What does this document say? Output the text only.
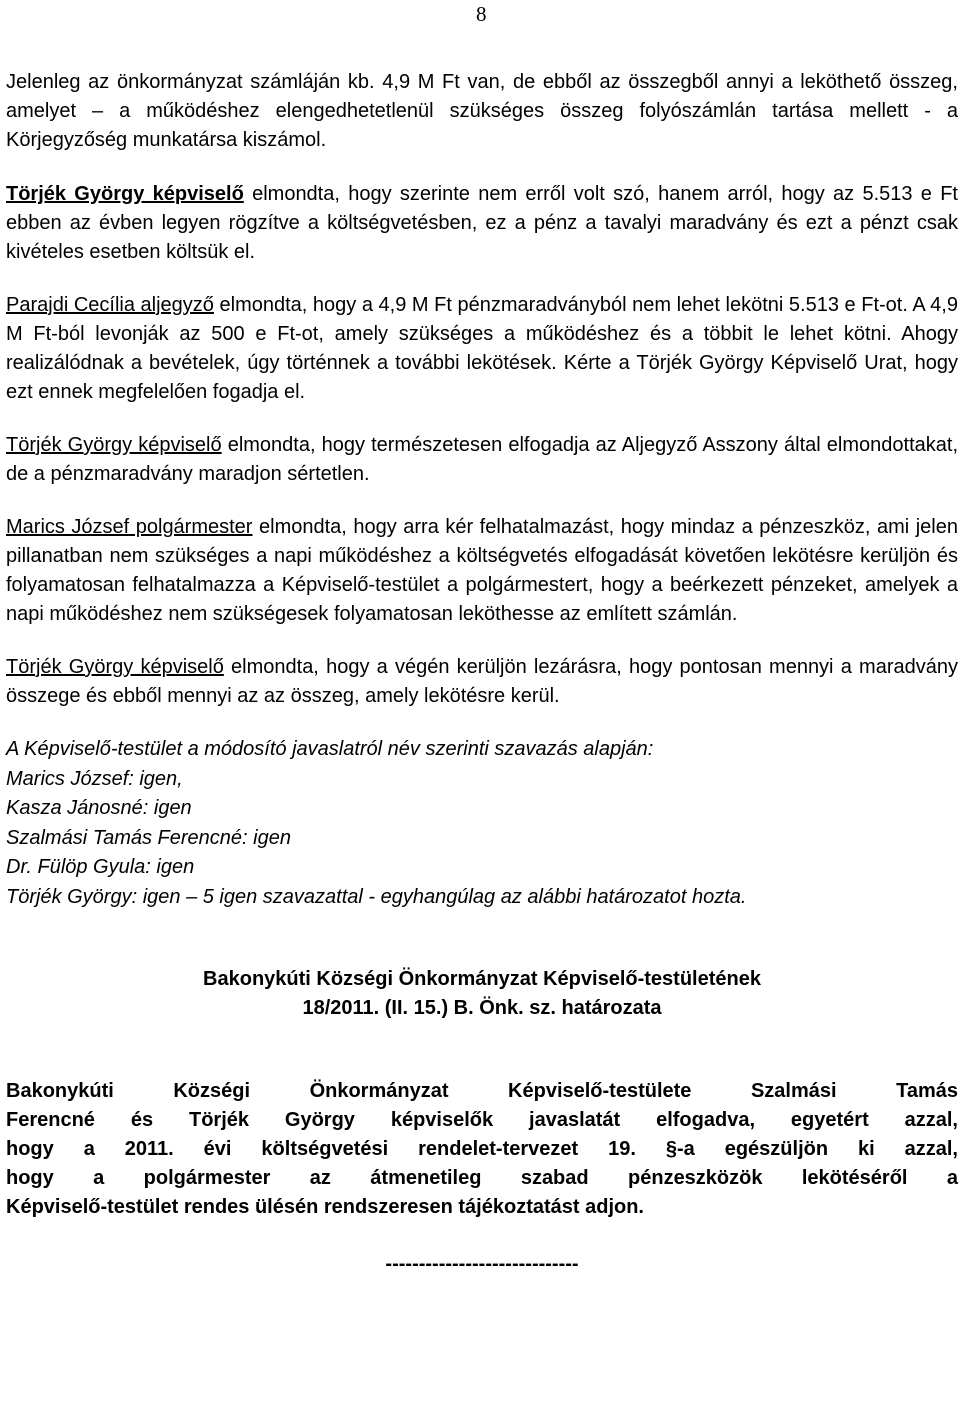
8

Jelenleg az önkormányzat számláján kb. 4,9 M Ft van, de ebből az összegből annyi a leköthető összeg, amelyet – a működéshez elengedhetetlenül szükséges összeg folyószámlán tartása mellett - a Körjegyzőség munkatársa kiszámol.

Törjék György képviselő elmondta, hogy szerinte nem erről volt szó, hanem arról, hogy az 5.513 e Ft ebben az évben legyen rögzítve a költségvetésben, ez a pénz a tavalyi maradvány és ezt a pénzt csak kivételes esetben költsük el.

Parajdi Cecília aljegyző elmondta, hogy a 4,9 M Ft pénzmaradványból nem lehet lekötni 5.513 e Ft-ot. A 4,9 M Ft-ból levonják az 500 e Ft-ot, amely szükséges a működéshez és a többit le lehet kötni. Ahogy realizálódnak a bevételek, úgy történnek a további lekötések. Kérte a Törjék György Képviselő Urat, hogy ezt ennek megfelelően fogadja el.

Törjék György képviselő elmondta, hogy természetesen elfogadja az Aljegyző Asszony által elmondottakat, de a pénzmaradvány maradjon sértetlen.

Marics József polgármester elmondta, hogy arra kér felhatalmazást, hogy mindaz a pénzeszköz, ami jelen pillanatban nem szükséges a napi működéshez a költségvetés elfogadását követően lekötésre kerüljön és folyamatosan felhatalmazza a Képviselő-testület a polgármestert, hogy a beérkezett pénzeket, amelyek a napi működéshez nem szükségesek folyamatosan leköthesse az említett számlán.

Törjék György képviselő elmondta, hogy a végén kerüljön lezárásra, hogy pontosan mennyi a maradvány összege és ebből mennyi az az összeg, amely lekötésre kerül.

A Képviselő-testület a módosító javaslatról név szerinti szavazás alapján:
Marics József: igen,
Kasza Jánosné: igen
Szalmási Tamás Ferencné: igen
Dr. Fülöp Gyula: igen
Törjék György: igen – 5 igen szavazattal - egyhangúlag az alábbi határozatot hozta.
Bakonykúti Községi Önkormányzat Képviselő-testületének
18/2011. (II. 15.) B. Önk. sz. határozata
Bakonykúti Községi Önkormányzat Képviselő-testülete Szalmási Tamás
Ferencné és Törjék György képviselők javaslatát elfogadva, egyetért azzal,
hogy a 2011. évi költségvetési rendelet-tervezet 19. §-a egészüljön ki azzal,
hogy a polgármester az átmenetileg szabad pénzeszközök lekötéséről a
Képviselő-testület rendes ülésén rendszeresen tájékoztatást adjon.
-----------------------------
